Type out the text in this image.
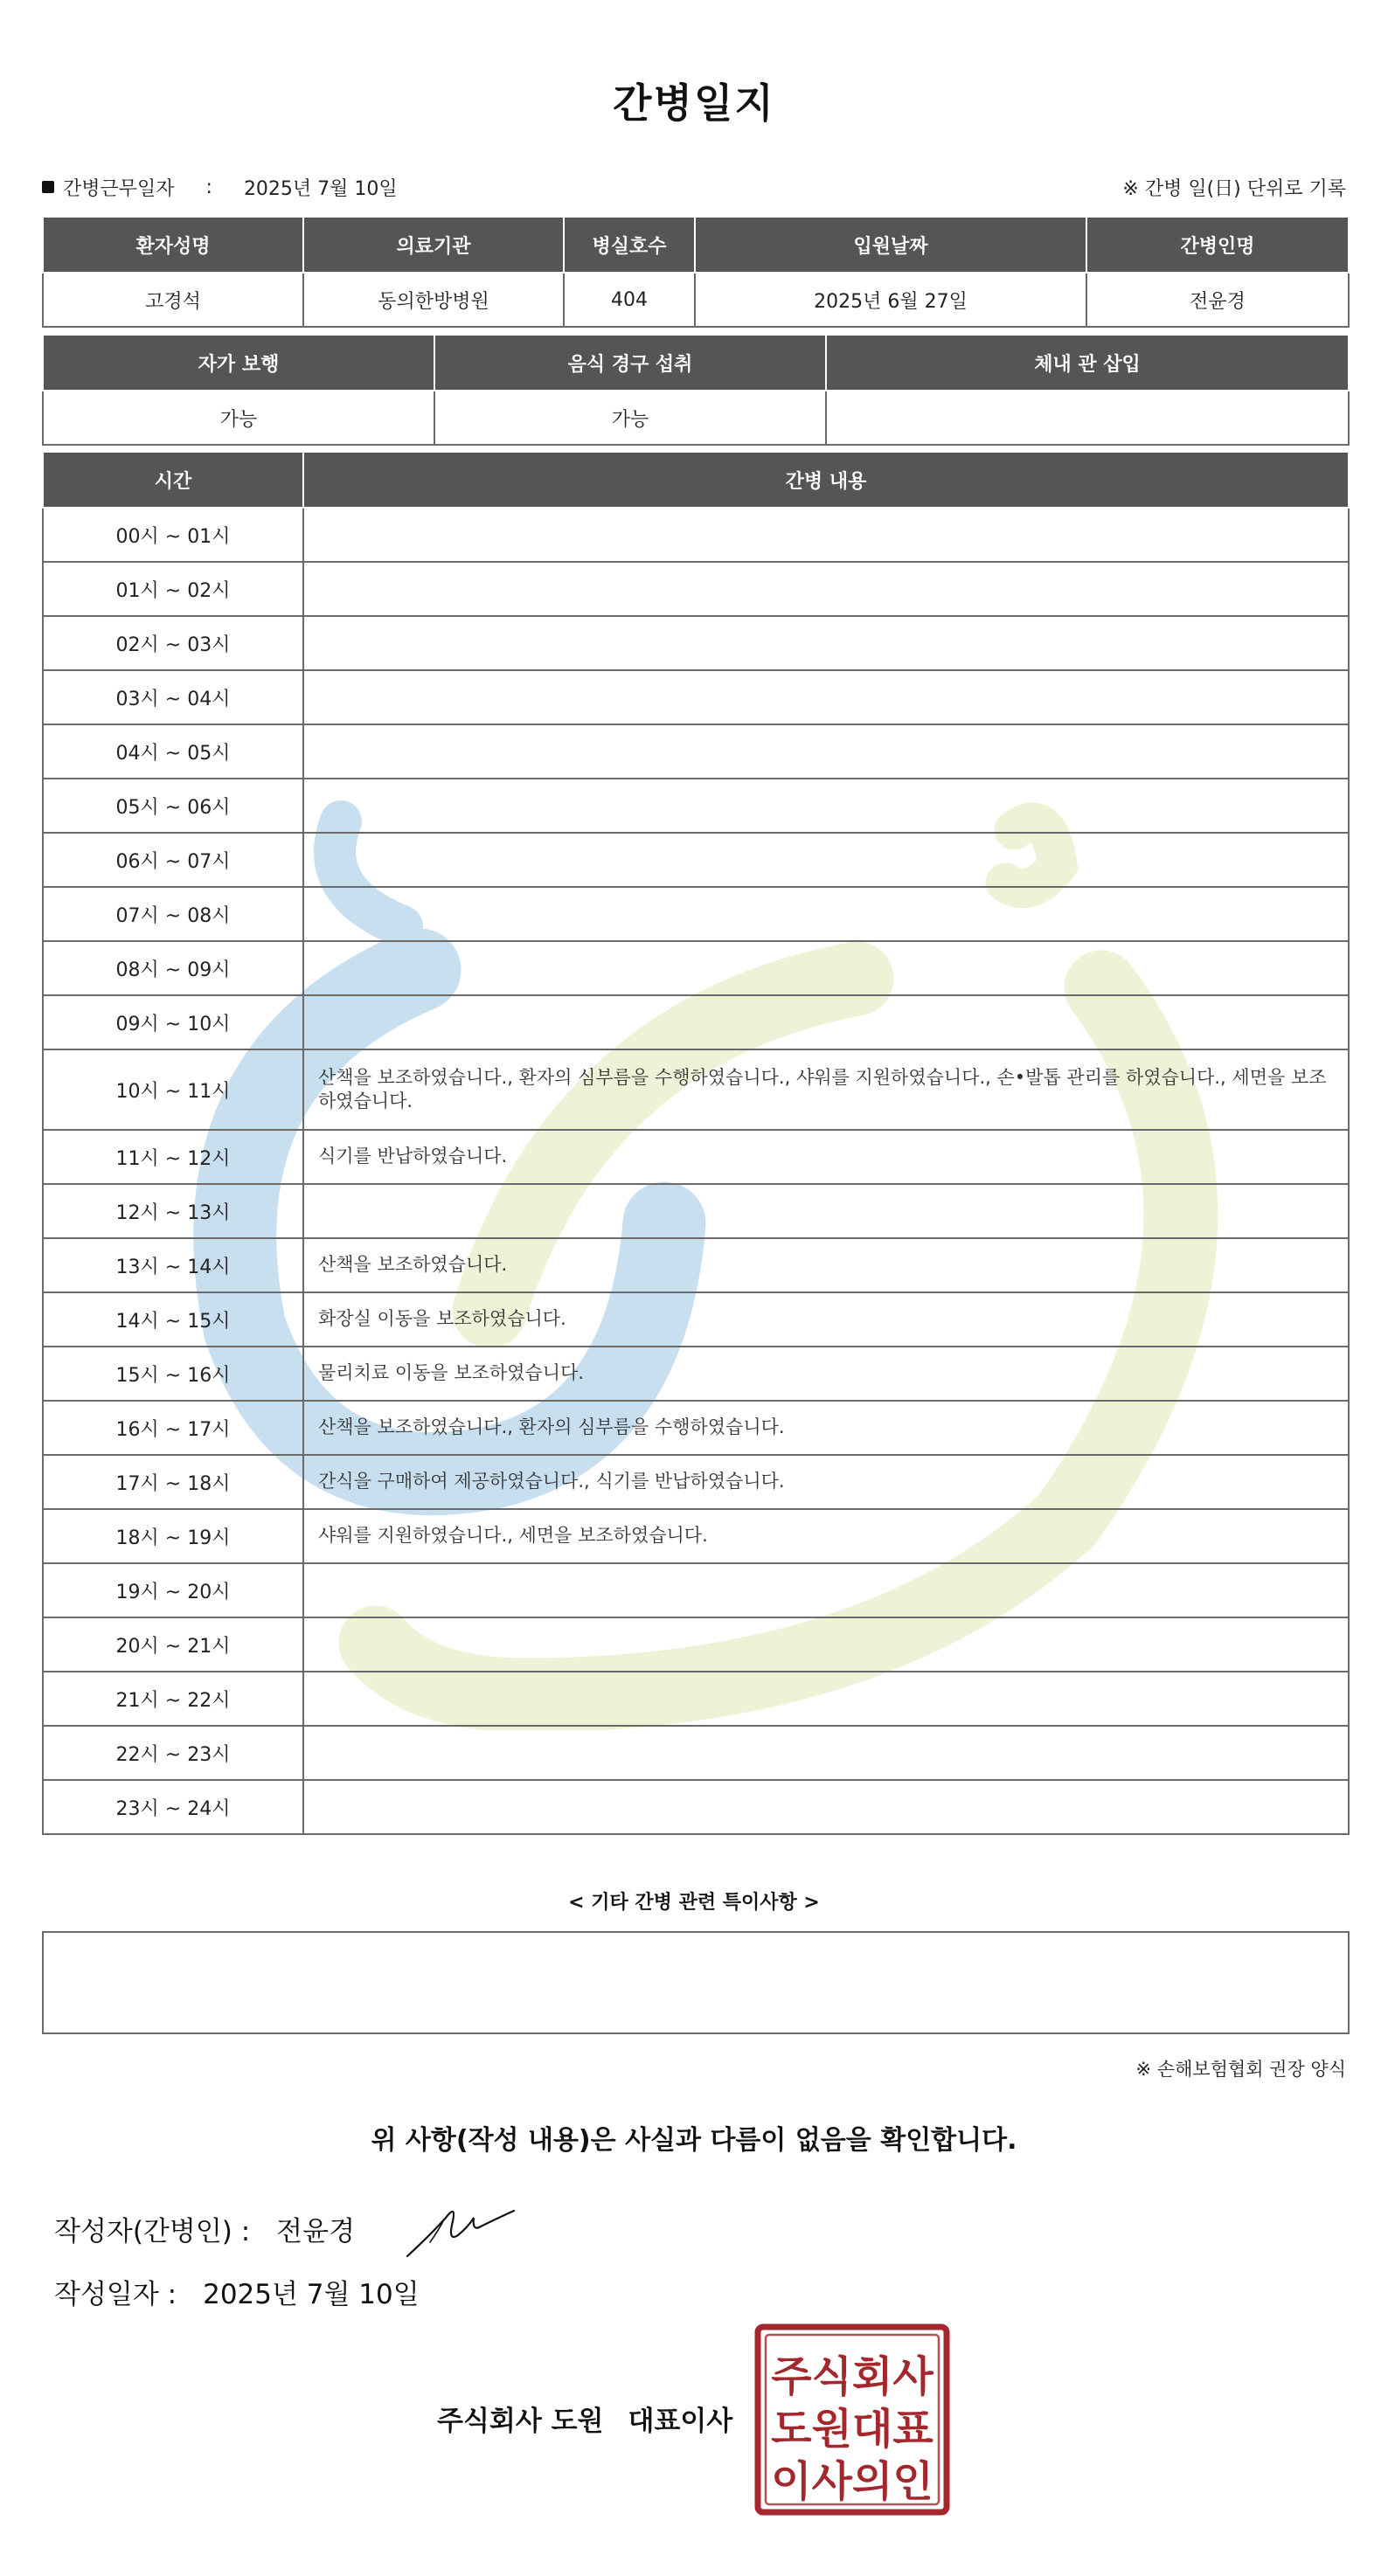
간병일지
간병근무일자 : 2025년 7월 10일	※ 간병 일(日) 단위로 기록
환자성명	의료기관	병실호수	입원날짜	간병인명
고경석	동의한방병원	404	2025년 6월 27일	전윤경
자가 보행	음식 경구 섭취	체내 관 삽입
가능	가능	
시간	간병 내용
00시 ~ 01시	
01시 ~ 02시	
02시 ~ 03시	
03시 ~ 04시	
04시 ~ 05시	
05시 ~ 06시	
06시 ~ 07시	
07시 ~ 08시	
08시 ~ 09시	
09시 ~ 10시	
10시 ~ 11시	산책을 보조하였습니다., 환자의 심부름을 수행하였습니다., 샤워를 지원하였습니다., 손•발톱 관리를 하였습니다., 세면을 보조하였습니다.
11시 ~ 12시	식기를 반납하였습니다.
12시 ~ 13시	
13시 ~ 14시	산책을 보조하였습니다.
14시 ~ 15시	화장실 이동을 보조하였습니다.
15시 ~ 16시	물리치료 이동을 보조하였습니다.
16시 ~ 17시	산책을 보조하였습니다., 환자의 심부름을 수행하였습니다.
17시 ~ 18시	간식을 구매하여 제공하였습니다., 식기를 반납하였습니다.
18시 ~ 19시	샤워를 지원하였습니다., 세면을 보조하였습니다.
19시 ~ 20시	
20시 ~ 21시	
21시 ~ 22시	
22시 ~ 23시	
23시 ~ 24시	
< 기타 간병 관련 특이사항 >
※ 손해보험협회 권장 양식
위 사항(작성 내용)은 사실과 다름이 없음을 확인합니다.
작성자(간병인) : 전윤경
작성일자 : 2025년 7월 10일
주식회사 도원 대표이사
주식회사
도원대표
이사의인
